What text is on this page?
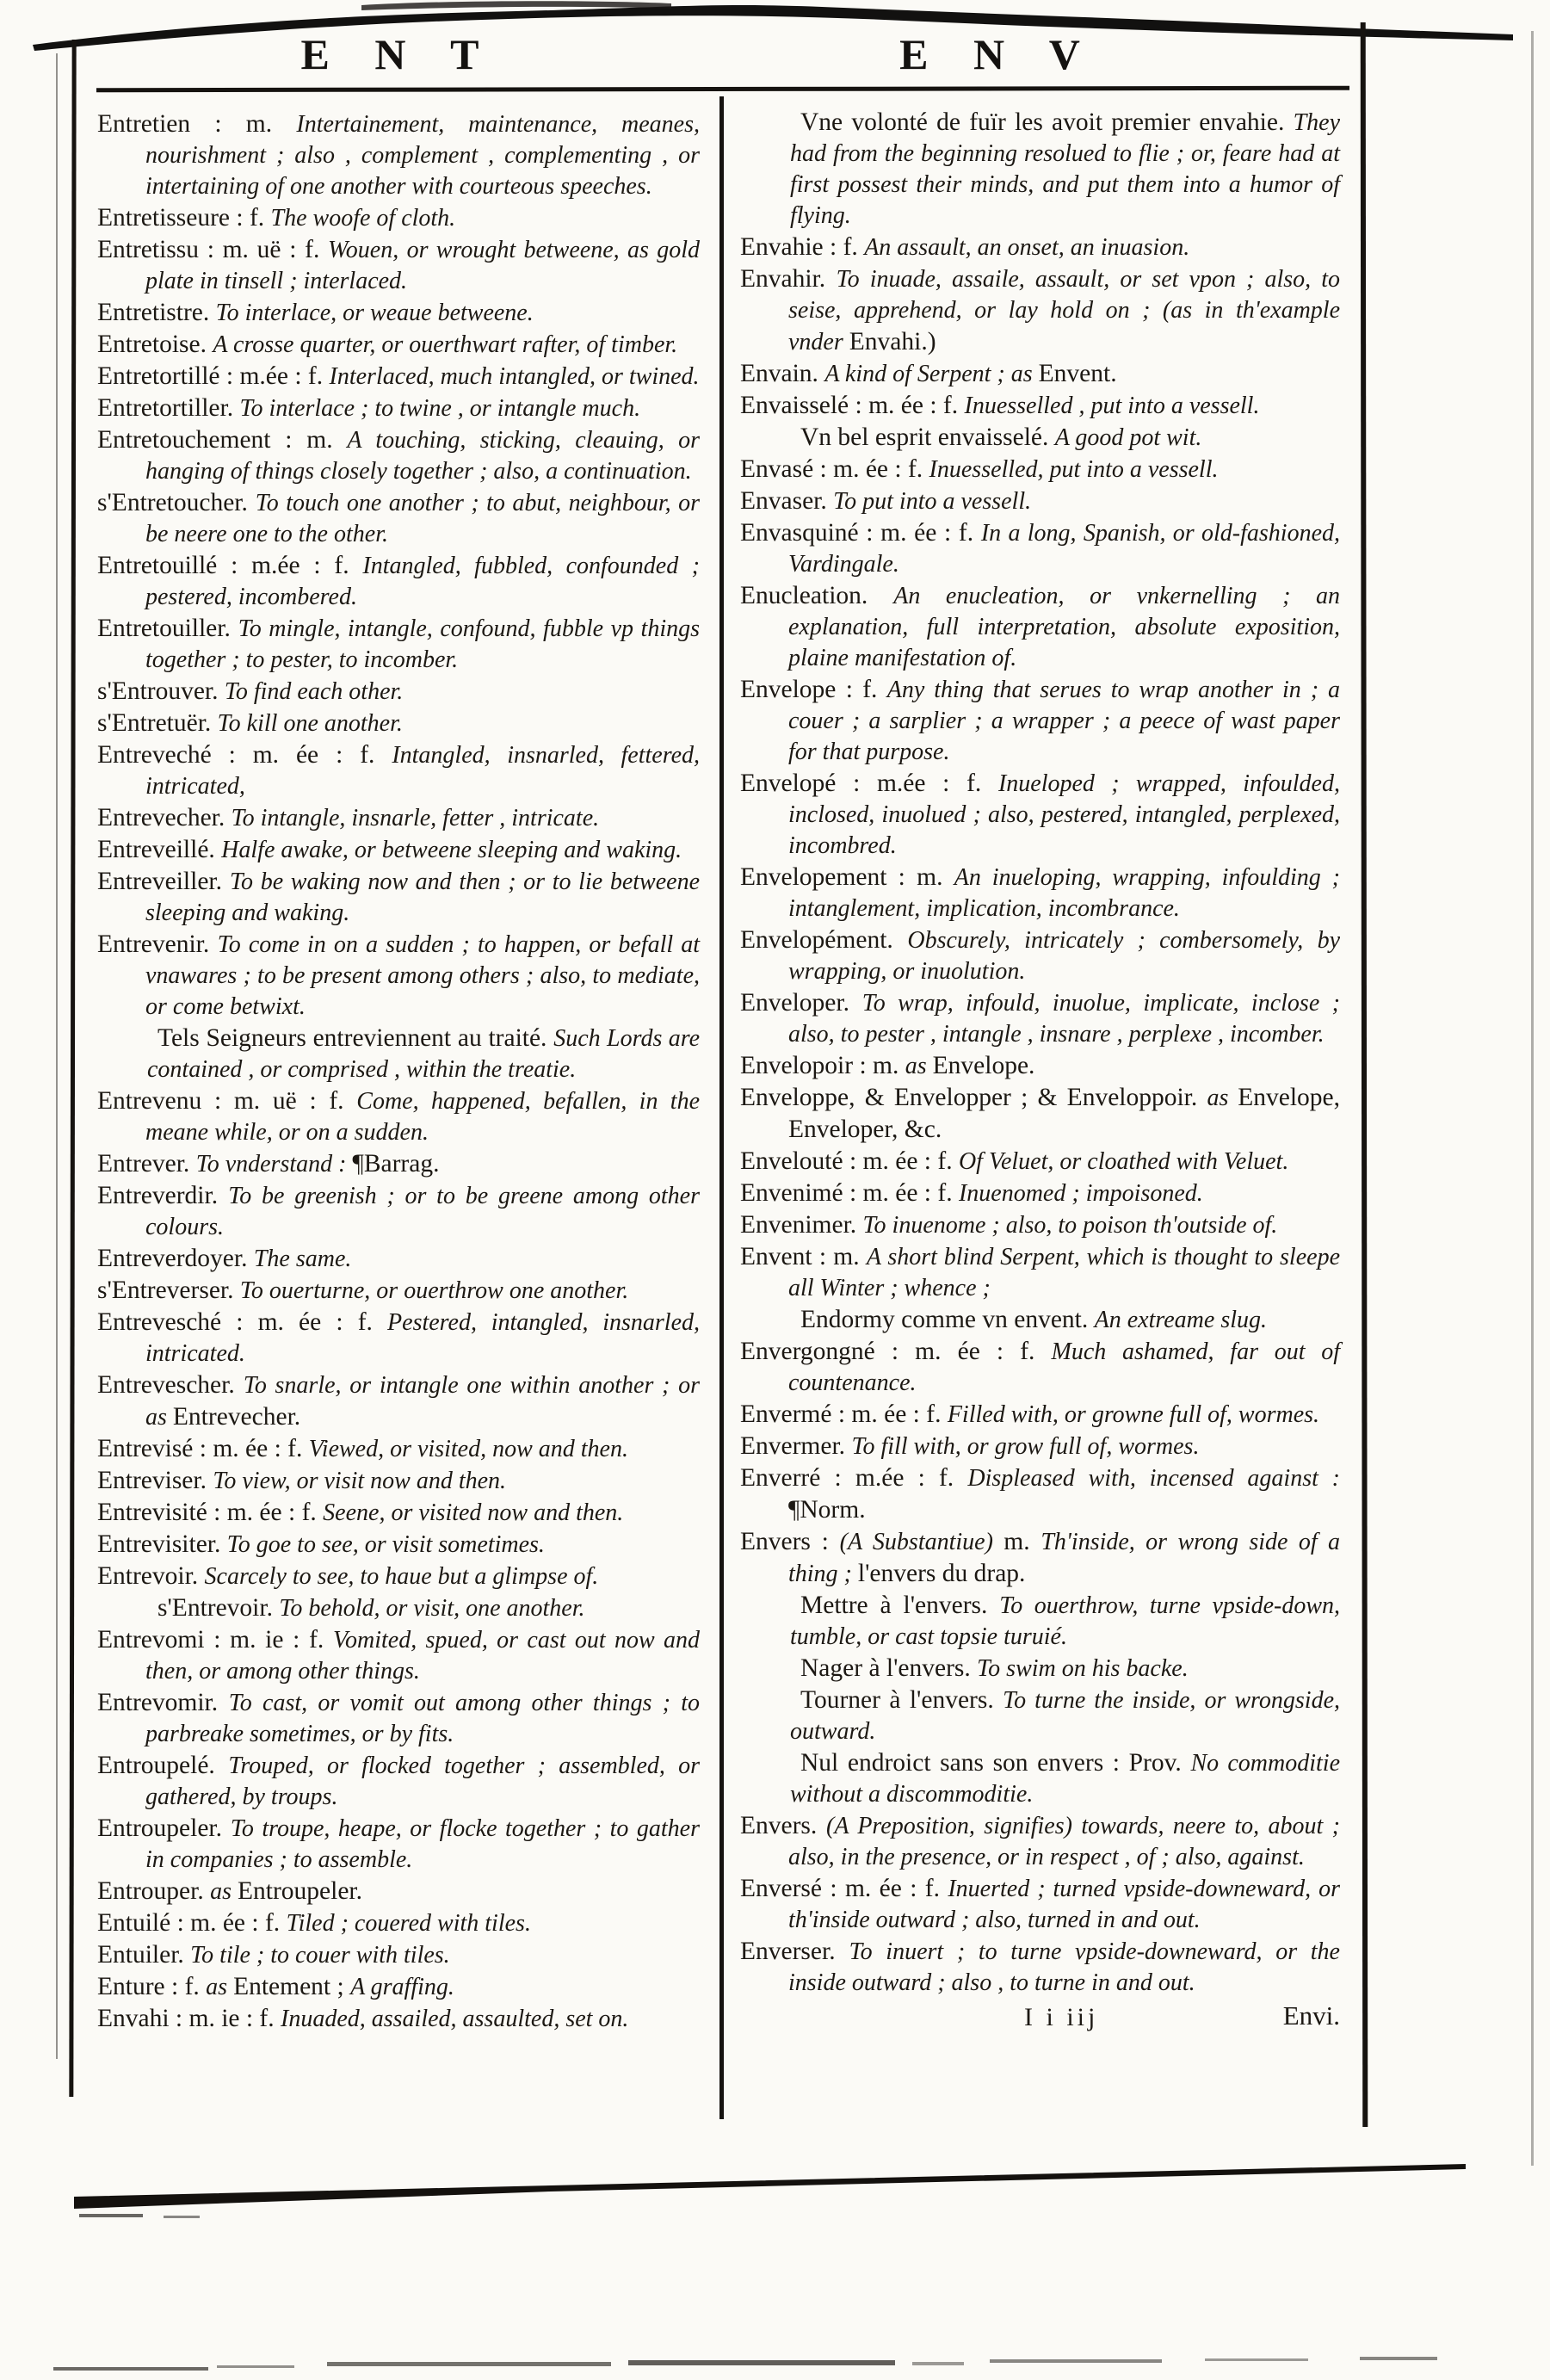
E N T	E N V

Entretien : m. Intertainement, maintenance, meanes, nourishment ; also , complement , complementing , or intertaining of one another with courteous speeches.

Entretisseure : f. The woofe of cloth.

Entretissu : m. uë : f. Wouen, or wrought betweene, as gold plate in tinsell ; interlaced.

Entretistre. To interlace, or weaue betweene.

Entretoise. A crosse quarter, or ouerthwart rafter, of timber.

Entretortillé : m.ée : f. Interlaced, much intangled, or twined.

Entretortiller. To interlace ; to twine , or intangle much.

Entretouchement : m. A touching, sticking, cleauing, or hanging of things closely together ; also, a continuation.

s'Entretoucher. To touch one another ; to abut, neighbour, or be neere one to the other.

Entretouillé : m.ée : f. Intangled, fubbled, confounded ; pestered, incombered.

Entretouiller. To mingle, intangle, confound, fubble vp things together ; to pester, to incomber.

s'Entrouver. To find each other.

s'Entretuër. To kill one another.

Entreveché : m. ée : f. Intangled, insnarled, fettered, intricated,

Entrevecher. To intangle, insnarle, fetter , intricate.

Entreveillé. Halfe awake, or betweene sleeping and waking.

Entreveiller. To be waking now and then ; or to lie betweene sleeping and waking.

Entrevenir. To come in on a sudden ; to happen, or befall at vnawares ; to be present among others ; also, to mediate, or come betwixt.

Tels Seigneurs entreviennent au traité. Such Lords are contained , or comprised , within the treatie.

Entrevenu : m. uë : f. Come, happened, befallen, in the meane while, or on a sudden.

Entrever. To vnderstand : ¶Barrag.

Entreverdir. To be greenish ; or to be greene among other colours.

Entreverdoyer. The same.

s'Entreverser. To ouerturne, or ouerthrow one another.

Entrevesché : m. ée : f. Pestered, intangled, insnarled, intricated.

Entrevescher. To snarle, or intangle one within another ; or as Entrevecher.

Entrevisé : m. ée : f. Viewed, or visited, now and then.

Entreviser. To view, or visit now and then.

Entrevisité : m. ée : f. Seene, or visited now and then.

Entrevisiter. To goe to see, or visit sometimes.

Entrevoir. Scarcely to see, to haue but a glimpse of.

s'Entrevoir. To behold, or visit, one another.

Entrevomi : m. ie : f. Vomited, spued, or cast out now and then, or among other things.

Entrevomir. To cast, or vomit out among other things ; to parbreake sometimes, or by fits.

Entroupelé. Trouped, or flocked together ; assembled, or gathered, by troups.

Entroupeler. To troupe, heape, or flocke together ; to gather in companies ; to assemble.

Entrouper. as Entroupeler.

Entuilé : m. ée : f. Tiled ; couered with tiles.

Entuiler. To tile ; to couer with tiles.

Enture : f. as Entement ; A graffing.

Envahi : m. ie : f. Inuaded, assailed, assaulted, set on.

Vne volonté de fuïr les avoit premier envahie. They had from the beginning resolued to flie ; or, feare had at first possest their minds, and put them into a humor of flying.

Envahie : f. An assault, an onset, an inuasion.

Envahir. To inuade, assaile, assault, or set vpon ; also, to seise, apprehend, or lay hold on ; (as in th'example vnder Envahi.)

Envain. A kind of Serpent ; as Envent.

Envaisselé : m. ée : f. Inuesselled , put into a vessell.

Vn bel esprit envaisselé. A good pot wit.

Envasé : m. ée : f. Inuesselled, put into a vessell.

Envaser. To put into a vessell.

Envasquiné : m. ée : f. In a long, Spanish, or old-fashioned, Vardingale.

Enucleation. An enucleation, or vnkernelling ; an explanation, full interpretation, absolute exposition, plaine manifestation of.

Envelope : f. Any thing that serues to wrap another in ; a couer ; a sarplier ; a wrapper ; a peece of wast paper for that purpose.

Envelopé : m.ée : f. Inueloped ; wrapped, infoulded, inclosed, inuolued ; also, pestered, intangled, perplexed, incombred.

Envelopement : m. An inueloping, wrapping, infoulding ; intanglement, implication, incombrance.

Envelopément. Obscurely, intricately ; combersomely, by wrapping, or inuolution.

Enveloper. To wrap, infould, inuolue, implicate, inclose ; also, to pester , intangle , insnare , perplexe , incomber.

Envelopoir : m. as Envelope.

Enveloppe, & Envelopper ; & Enveloppoir. as Envelope, Enveloper, &c.

Envelouté : m. ée : f. Of Veluet, or cloathed with Veluet.

Envenimé : m. ée : f. Inuenomed ; impoisoned.

Envenimer. To inuenome ; also, to poison th'outside of.

Envent : m. A short blind Serpent, which is thought to sleepe all Winter ; whence ;

Endormy comme vn envent. An extreame slug.

Envergongné : m. ée : f. Much ashamed, far out of countenance.

Envermé : m. ée : f. Filled with, or growne full of, wormes.

Envermer. To fill with, or grow full of, wormes.

Enverré : m.ée : f. Displeased with, incensed against : ¶Norm.

Envers : (A Substantiue) m. Th'inside, or wrong side of a thing ; l'envers du drap.

Mettre à l'envers. To ouerthrow, turne vpside-down, tumble, or cast topsie turuié.

Nager à l'envers. To swim on his backe.

Tourner à l'envers. To turne the inside, or wrongside, outward.

Nul endroict sans son envers : Prov. No commoditie without a discommoditie.

Envers. (A Preposition, signifies) towards, neere to, about ; also, in the presence, or in respect , of ; also, against.

Enversé : m. ée : f. Inuerted ; turned vpside-downeward, or th'inside outward ; also, turned in and out.

Enverser. To inuert ; to turne vpside-downeward, or the inside outward ; also , to turne in and out.

I i iij	Envi.
